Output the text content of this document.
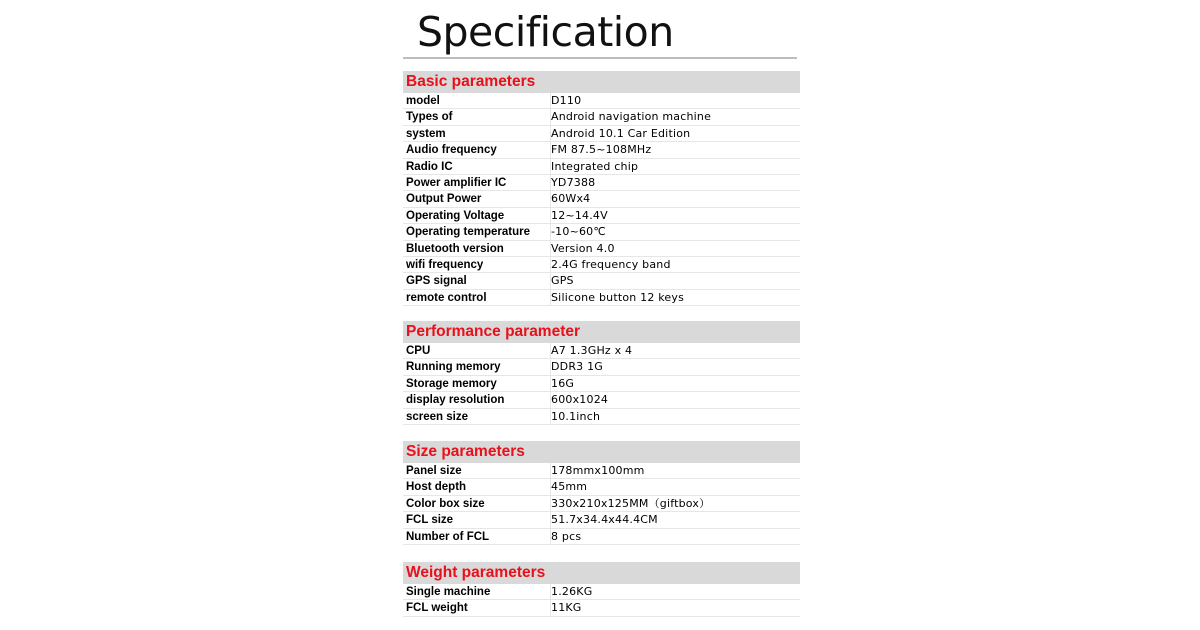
Specification
Basic parameters
model	D110
Types of	Android navigation machine
system	Android 10.1 Car Edition
Audio frequency	FM 87.5~108MHz
Radio IC	Integrated chip
Power amplifier IC	YD7388
Output Power	60Wx4
Operating Voltage	12~14.4V
Operating temperature	-10~60℃
Bluetooth version	Version 4.0
wifi frequency	2.4G frequency band
GPS signal	GPS
remote control	Silicone button 12 keys
Performance parameter
CPU	A7 1.3GHz x 4
Running memory	DDR3 1G
Storage memory	16G
display resolution	600x1024
screen size	10.1inch
Size parameters
Panel size	178mmx100mm
Host depth	45mm
Color box size	330x210x125MM（giftbox）
FCL size	51.7x34.4x44.4CM
Number of FCL	8 pcs
Weight parameters
Single machine	1.26KG
FCL weight	11KG
